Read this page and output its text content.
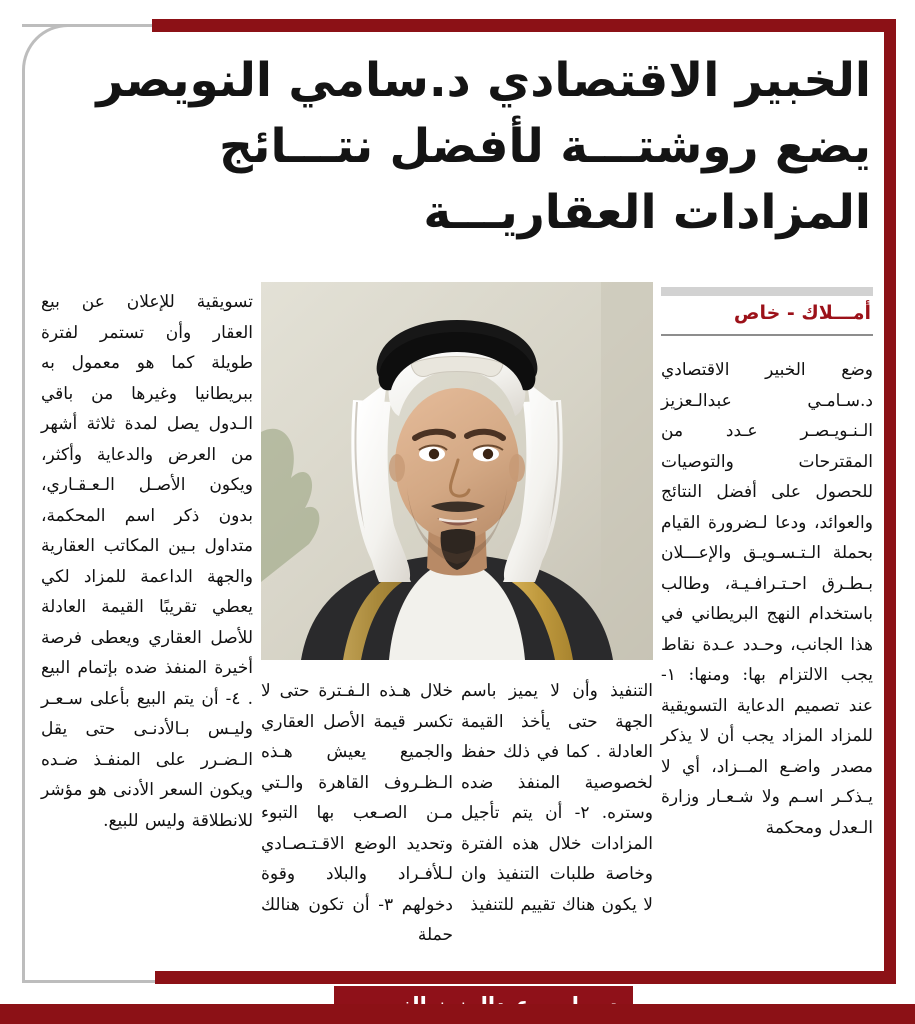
الخبير الاقتصادي د.سامي النويصر
يضع روشتـــة لأفضل نتـــائج
المزادات العقاريـــة
أمـــلاك - خاص

وضع الخبير الاقتصادي د.سـامـي عبدالـعزيز الـنـويـصـر عـدد من المقترحات والتوصيات للحصول على أفضل النتائج والعوائد، ودعا لـضرورة القيام بحملة الـتـسـويـق والإعـــلان بـطـرق احـتـرافـيـة، وطالب باستخدام النهج البريطاني في هذا الجانب، وحـدد عـدة نقاط يجب الالتزام بها: ومنها: ١- عند تصميم الدعاية التسويقية للمزاد المزاد يجب أن لا يذكر مصدر واضـع المــزاد، أي لا يـذكـر اسـم ولا شـعـار وزارة الـعدل ومحكمة

التنفيذ وأن لا يميز باسم الجهة حتى يأخذ القيمة العادلة . كما في ذلك حفظ لخصوصية المنفذ ضده وستره. ٢- أن يتم تأجيل المزادات خلال هذه الفترة وخاصة طلبات التنفيذ وان لا يكون هناك تقييم للتنفيذ

خلال هـذه الـفـترة حتى لا تكسر قيمة الأصل العقاري والجميع يعيش هـذه الـظـروف القاهرة والـتي مـن الصـعب بها التبوء وتحديد الوضع الاقـتـصـادي لـلأفـراد والبلاد وقوة دخولهم ٣- أن تكون هنالك حملة

تسويقية للإعلان عن بيع العقار وأن تستمر لفترة طويلة كما هو معمول به ببريطانيا وغيرها من باقي الـدول يصل لمدة ثلاثة أشهر من العرض والدعاية وأكثر، ويكون الأصـل الـعـقـاري، بدون ذكر اسم المحكمة، متداول بـين المكاتب العقارية والجهة الداعمة للمزاد لكي يعطي تقريبًا القيمة العادلة للأصل العقاري ويعطى فرصة أخيرة المنفذ ضده بإتمام البيع . ٤- أن يتم البيع بأعلى سـعـر وليـس بـالأدنـى حتى يقل الـضـرر على المنفـذ ضـده ويكون السعر الأدنى هو مؤشر للانطلاقة وليس للبيع.
